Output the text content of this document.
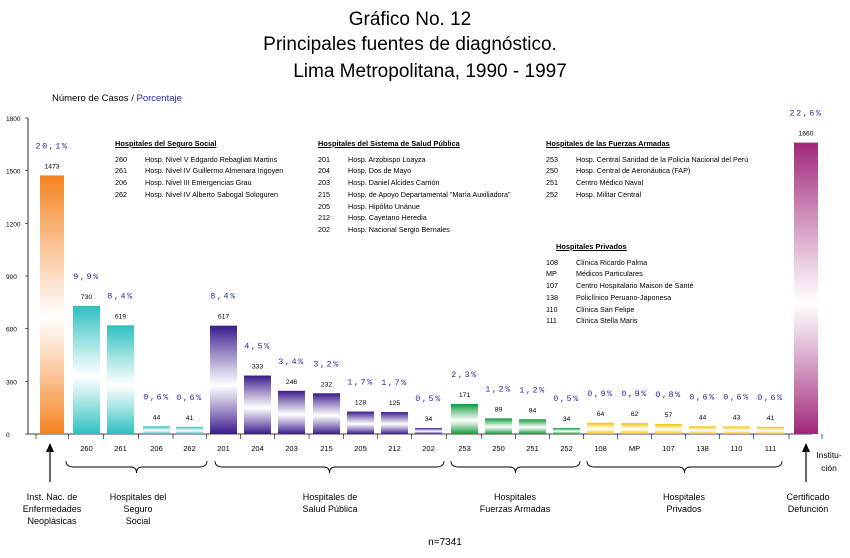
Gráfico No. 12
Principales fuentes de diagnóstico.
Lima Metropolitana, 1990 - 1997
Número de Casos / Porcentaje
0
300
600
900
1200
1500
1800
1473
20,1%
730
9,9%
260
619
8,4%
261
44
0,6%
206
41
0,6%
262
617
8,4%
201
333
4,5%
204
246
3,4%
203
232
3,2%
215
128
1,7%
205
125
1,7%
212
34
0,5%
202
171
2,3%
253
89
1,2%
250
84
1,2%
251
34
0,5%
252
64
0,9%
108
62
0,9%
MP
57
0,8%
107
44
0,6%
138
43
0,6%
110
41
0,6%
111
1660
22,6%
Inst. Nac. de
Enfermedades
Neoplásicas
Hospitales del
Seguro
Social
Hospitales de
Salud Pública
Hospitales
Fuerzas Armadas
Hospitales
Privados
Certificado
Defunción
Institu-
ción
Hospitales del Seguro Social
260	Hosp. Nivel V Edgardo Rebagliati Martins
261	Hosp. Nivel IV Guillermo Almenara Irigoyen
206	Hosp. Nivel III Emergencias Grau
262	Hosp. Nivel IV Alberto Sabogal Sologuren
Hospitales del Sistema de Salud Pública
201	Hosp. Arzobispo Loayza
204	Hosp. Dos de Mayo
203	Hosp. Daniel Alcides Carrión
215	Hosp. de Apoyo Departamental "María Auxiliadora"
205	Hosp. Hipólito Unánue
212	Hosp. Cayetano Heredia
202	Hosp. Nacional Sergio Bernales
Hospitales de las Fuerzas Armadas
253	Hosp. Central Sanidad de la Policía Nacional del Perú
250	Hosp. Central de Aeronáutica (FAP)
251	Centro Médico Naval
252	Hosp. Militar Central
Hospitales Privados
108	Clínica Ricardo Palma
MP	Médicos Particulares
107	Centro Hospitalario Maison de Santé
138	Policlínico Peruano-Japonesa
110	Clínica San Felipe
111	Clínica Stella Maris
n=7341
